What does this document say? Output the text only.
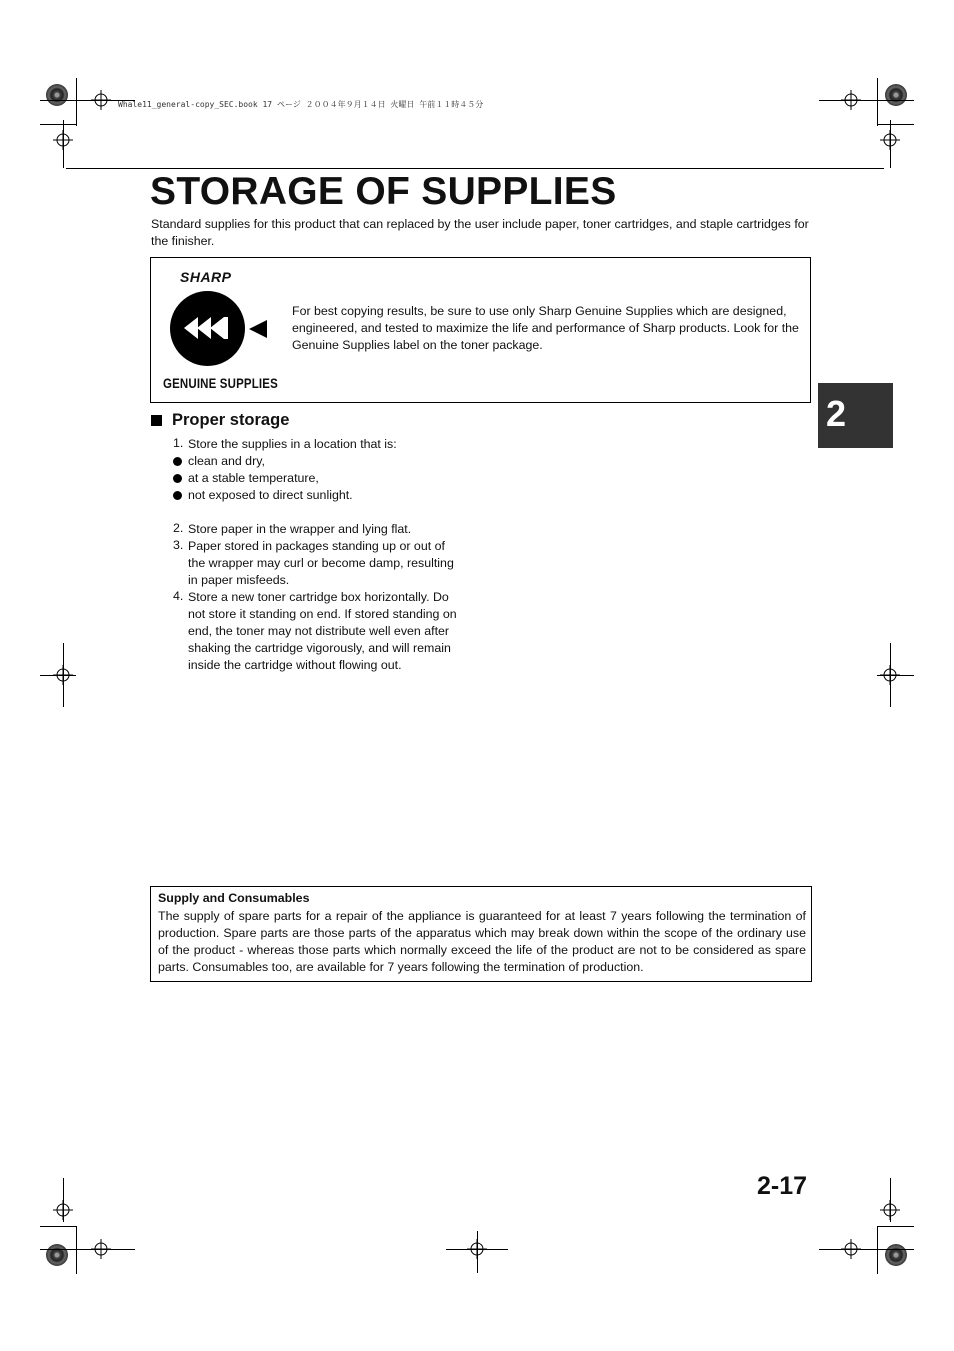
Whale11_general-copy_SEC.book 17 ページ ２００４年９月１４日 火曜日 午前１１時４５分
STORAGE OF SUPPLIES

Standard supplies for this product that can replaced by the user include paper, toner cartridges, and staple cartridges for the finisher.

SHARP
GENUINE SUPPLIES

For best copying results, be sure to use only Sharp Genuine Supplies which are designed, engineered, and tested to maximize the life and performance of Sharp products. Look for the Genuine Supplies label on the toner package.

2
Proper storage
1. Store the supplies in a location that is:
clean and dry,
at a stable temperature,
not exposed to direct sunlight.
2. Store paper in the wrapper and lying flat.
3. Paper stored in packages standing up or out of the wrapper may curl or become damp, resulting in paper misfeeds.
4. Store a new toner cartridge box horizontally. Do not store it standing on end. If stored standing on end, the toner may not distribute well even after shaking the cartridge vigorously, and will remain inside the cartridge without flowing out.
Supply and Consumables

The supply of spare parts for a repair of the appliance is guaranteed for at least 7 years following the termination of production. Spare parts are those parts of the apparatus which may break down within the scope of the ordinary use of the product - whereas those parts which normally exceed the life of the product are not to be considered as spare parts. Consumables too, are available for 7 years following the termination of production.

2-17
